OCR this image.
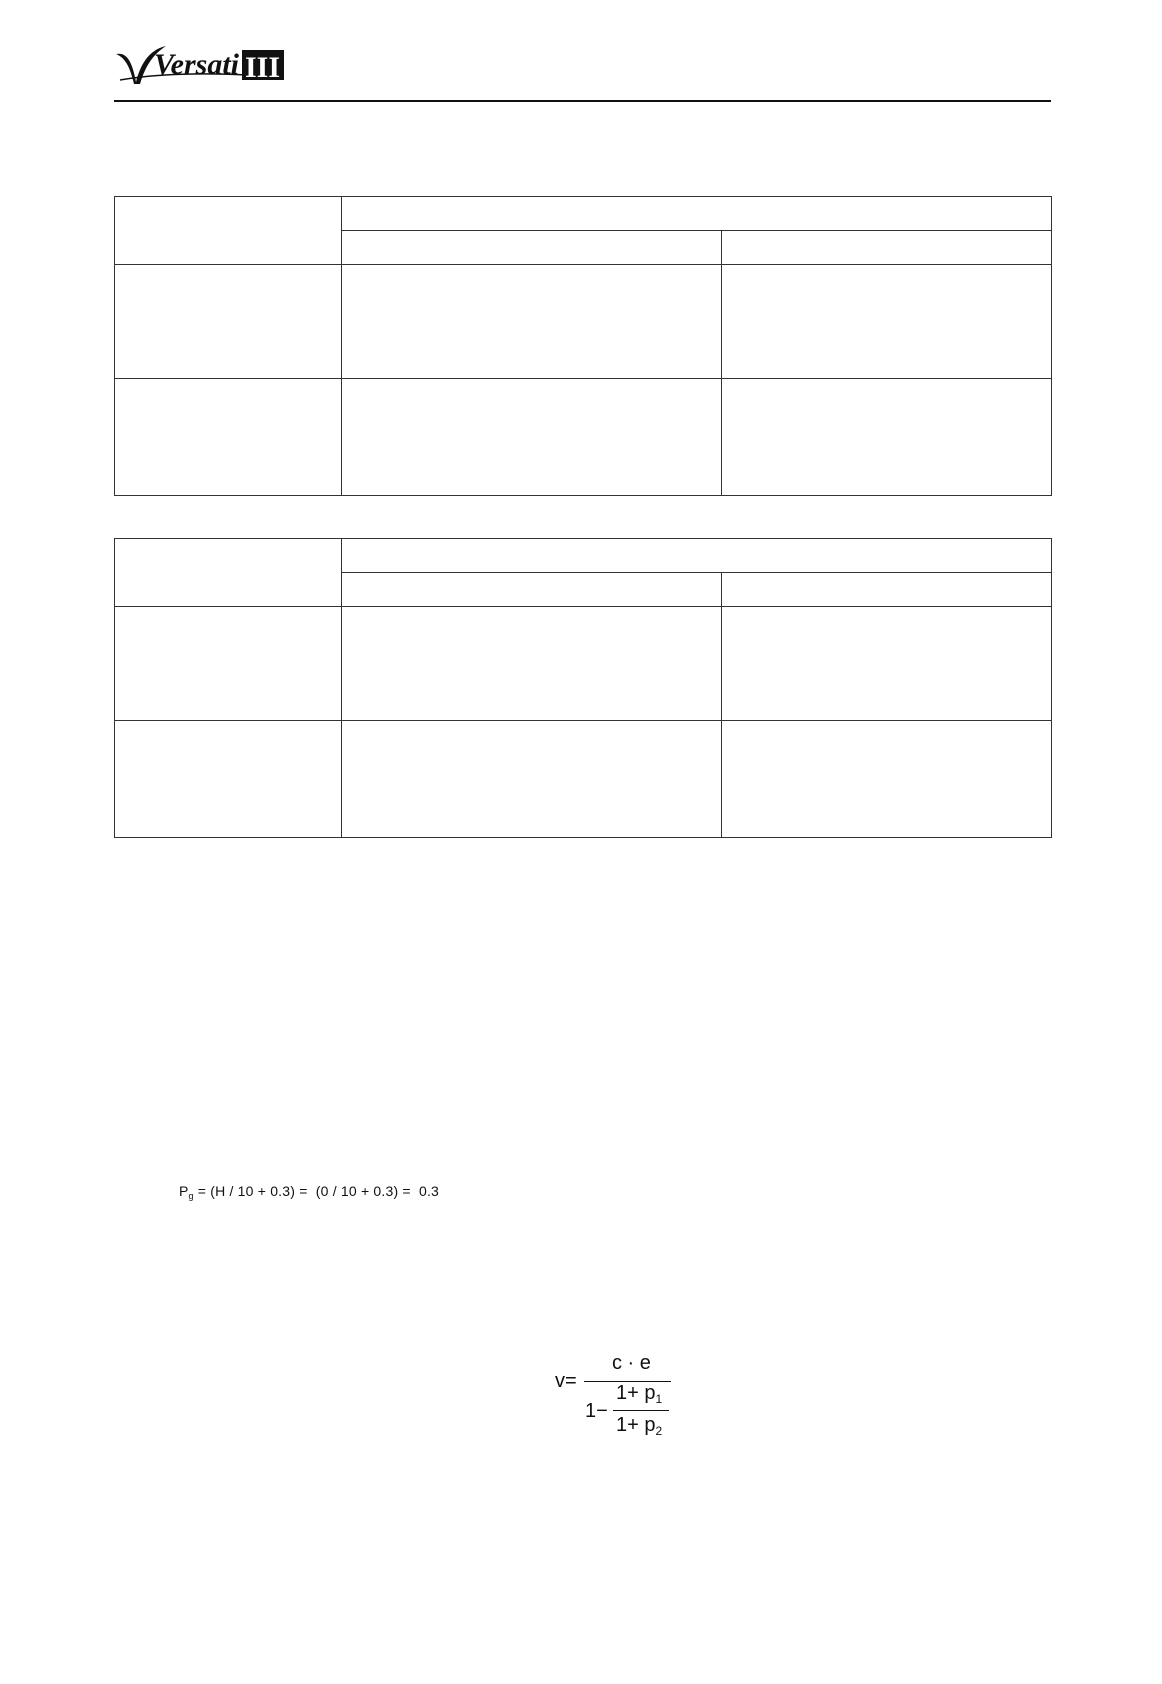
Versati III

$P_g = (H / 10 + 0.3) = (0 / 10 + 0.3) = 0.3$
v=
c · e
1−
$1+ p_1$
$1+ p_2$
